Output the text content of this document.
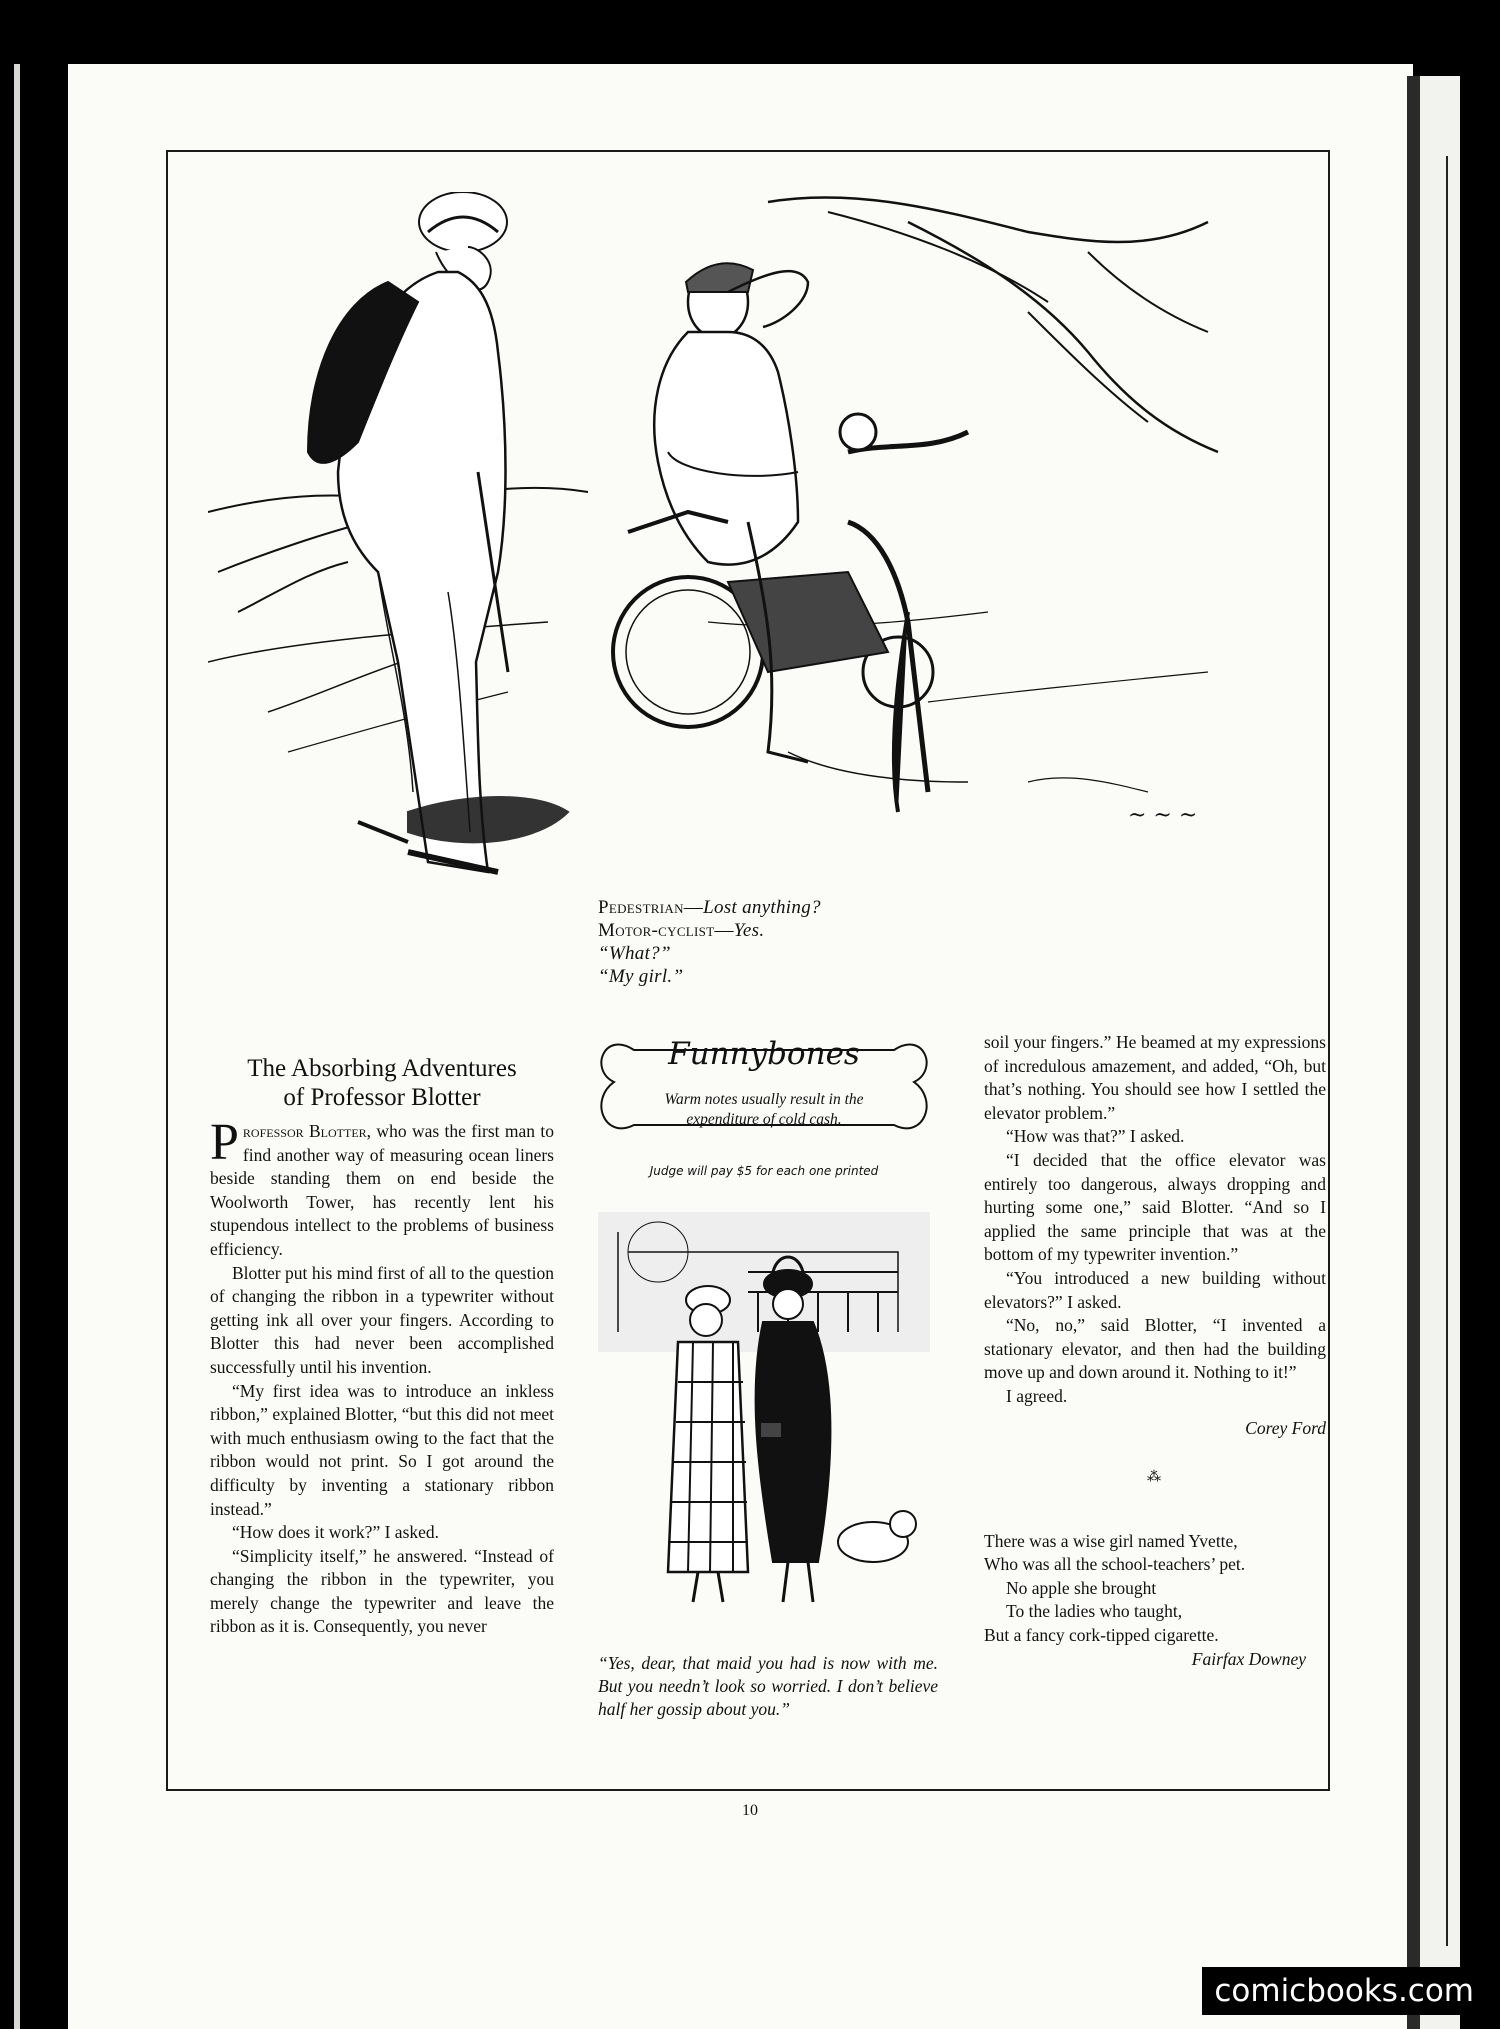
~ ~ ~
Pedestrian—Lost anything?
Motor-cyclist—Yes.
“What?”
“My girl.”
The Absorbing Adventures
of Professor Blotter

Professor Blotter, who was the first man to find another way of measuring ocean liners beside standing them on end beside the Woolworth Tower, has recently lent his stupendous intellect to the problems of business efficiency.

Blotter put his mind first of all to the question of changing the ribbon in a typewriter without getting ink all over your fingers. According to Blotter this had never been accomplished successfully until his invention.

“My first idea was to introduce an inkless ribbon,” explained Blotter, “but this did not meet with much enthusiasm owing to the fact that the ribbon would not print. So I got around the difficulty by inventing a stationary ribbon instead.”

“How does it work?” I asked.

“Simplicity itself,” he answered. “Instead of changing the ribbon in the typewriter, you merely change the typewriter and leave the ribbon as it is. Consequently, you never

Funnybones
Warm notes usually result in the expenditure of cold cash.
Judge will pay $5 for each one printed
“Yes, dear, that maid you had is now with me. But you needn’t look so worried. I don’t believe half her gossip about you.”

soil your fingers.” He beamed at my expressions of incredulous amazement, and added, “Oh, but that’s nothing. You should see how I settled the elevator problem.”

“How was that?” I asked.

“I decided that the office elevator was entirely too dangerous, always dropping and hurting some one,” said Blotter. “And so I applied the same principle that was at the bottom of my typewriter invention.”

“You introduced a new building without elevators?” I asked.

“No, no,” said Blotter, “I invented a stationary elevator, and then had the building move up and down around it. Nothing to it!”

I agreed.

Corey Ford
⁂

There was a wise girl named Yvette,

Who was all the school-teachers’ pet.

No apple she brought

To the ladies who taught,

But a fancy cork-tipped cigarette.

Fairfax Downey
10
comicbooks.com
